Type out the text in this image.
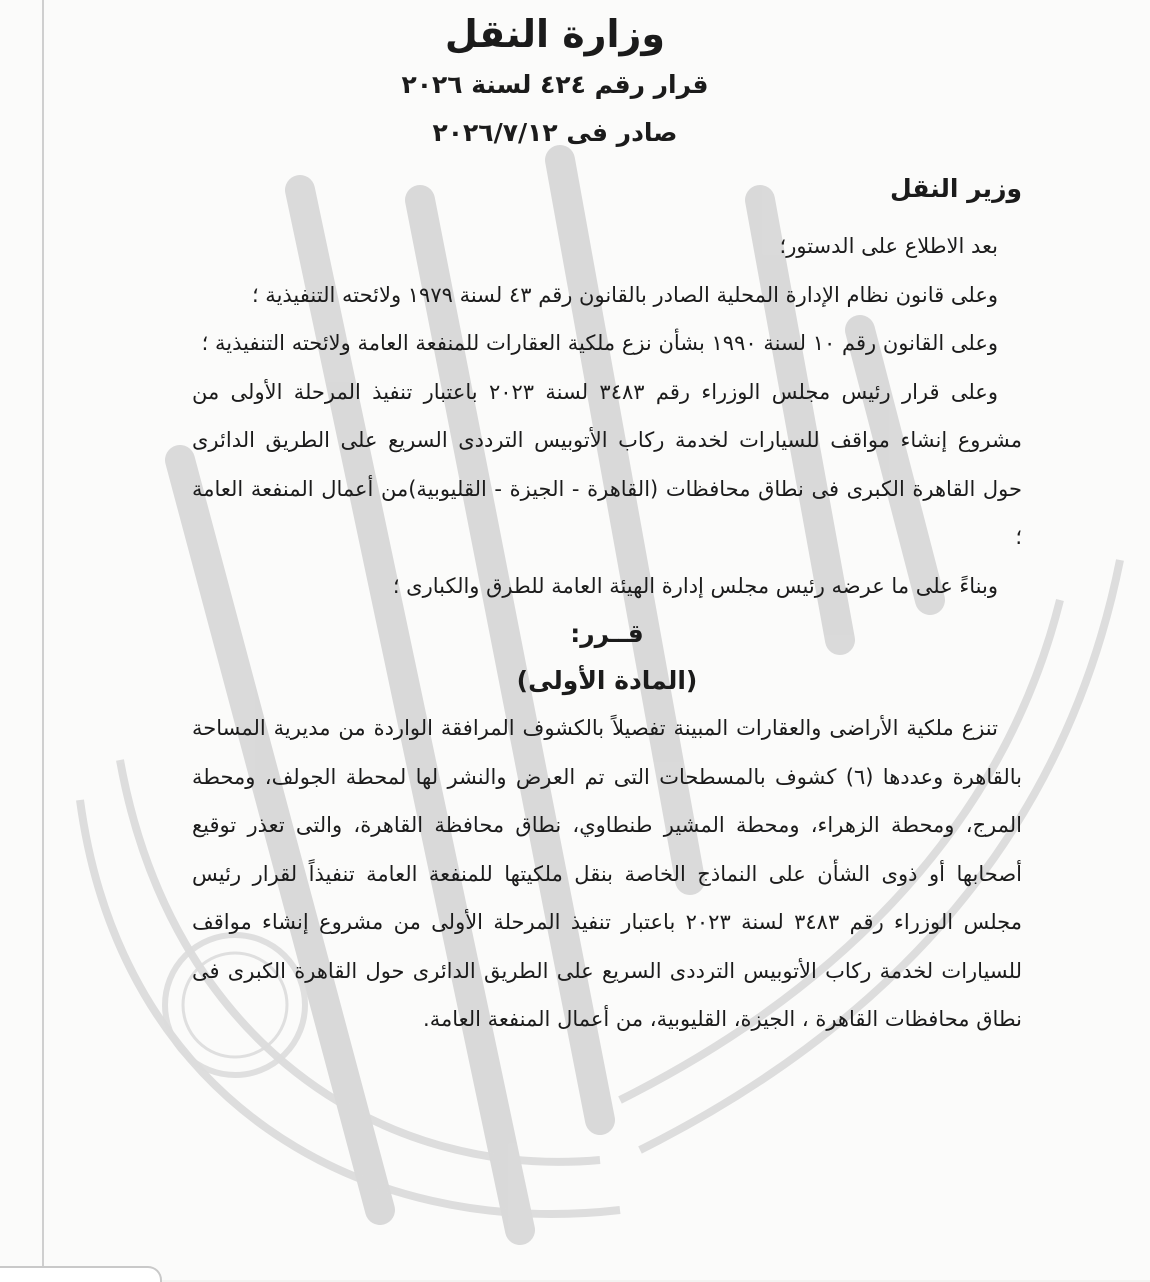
وزارة النقل
قرار رقم ٤٢٤ لسنة ٢٠٢٦
صادر فى ٢٠٢٦/٧/١٢
وزير النقل

بعد الاطلاع على الدستور؛

وعلى قانون نظام الإدارة المحلية الصادر بالقانون رقم ٤٣ لسنة ١٩٧٩ ولائحته التنفيذية ؛

وعلى القانون رقم ١٠ لسنة ١٩٩٠ بشأن نزع ملكية العقارات للمنفعة العامة ولائحته التنفيذية ؛

وعلى قرار رئيس مجلس الوزراء رقم ٣٤٨٣ لسنة ٢٠٢٣ باعتبار تنفيذ المرحلة الأولى من مشروع إنشاء مواقف للسيارات لخدمة ركاب الأتوبيس الترددى السريع على الطريق الدائرى حول القاهرة الكبرى فى نطاق محافظات (القاهرة - الجيزة - القليوبية)من أعمال المنفعة العامة ؛

وبناءً على ما عرضه رئيس مجلس إدارة الهيئة العامة للطرق والكبارى ؛

قــرر:

(المادة الأولى)

تنزع ملكية الأراضى والعقارات المبينة تفصيلاً بالكشوف المرافقة الواردة من مديرية المساحة بالقاهرة وعددها (٦) كشوف بالمسطحات التى تم العرض والنشر لها لمحطة الجولف، ومحطة المرج، ومحطة الزهراء، ومحطة المشير طنطاوي، نطاق محافظة القاهرة، والتى تعذر توقيع أصحابها أو ذوى الشأن على النماذج الخاصة بنقل ملكيتها للمنفعة العامة تنفيذاً لقرار رئيس مجلس الوزراء رقم ٣٤٨٣ لسنة ٢٠٢٣ باعتبار تنفيذ المرحلة الأولى من مشروع إنشاء مواقف للسيارات لخدمة ركاب الأتوبيس الترددى السريع على الطريق الدائرى حول القاهرة الكبرى فى نطاق محافظات القاهرة ، الجيزة، القليوبية، من أعمال المنفعة العامة.
